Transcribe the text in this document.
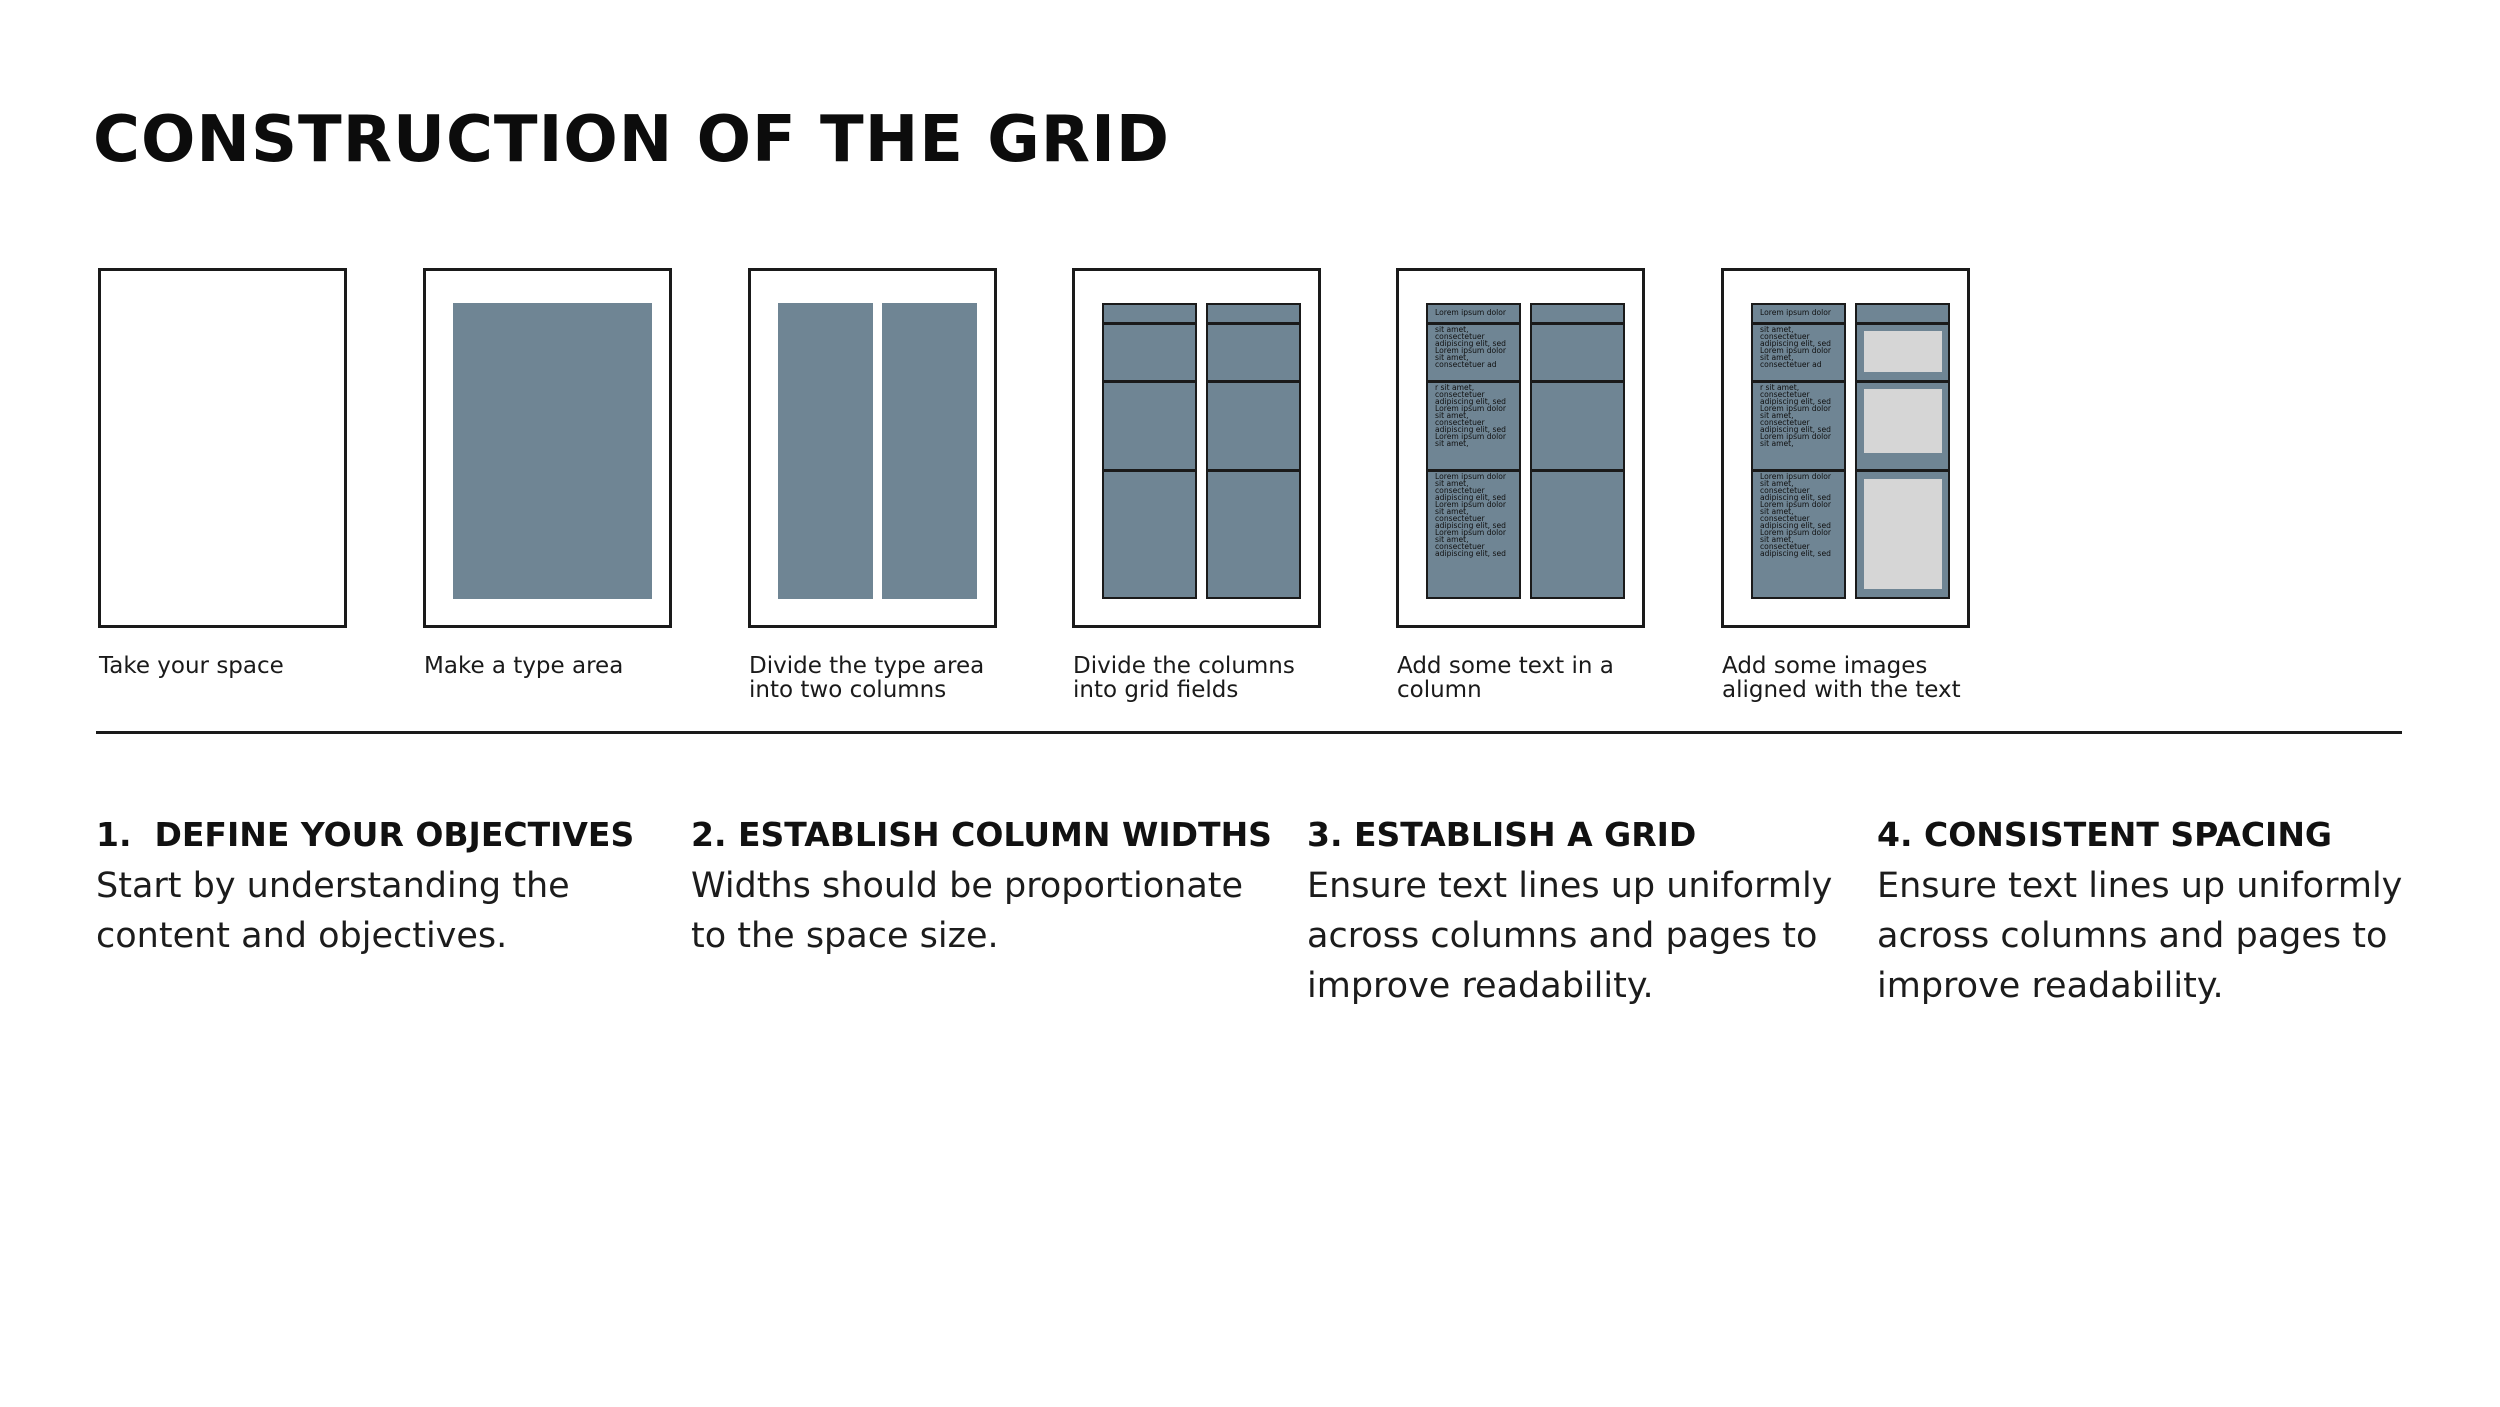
CONSTRUCTION OF THE GRID
Take your space	Make a type area	Divide the type area
into two columns
Divide the columns
into grid fields
Lorem ipsum dolor
sit amet,
consectetuer
adipiscing elit, sed
Lorem ipsum dolor
sit amet,
consectetuer ad
r sit amet,
consectetuer
adipiscing elit, sed
Lorem ipsum dolor
sit amet,
consectetuer
adipiscing elit, sed
Lorem ipsum dolor
sit amet,
Lorem ipsum dolor
sit amet,
consectetuer
adipiscing elit, sed
Lorem ipsum dolor
sit amet,
consectetuer
adipiscing elit, sed
Lorem ipsum dolor
sit amet,
consectetuer
adipiscing elit, sed
Add some text in a
column
Lorem ipsum dolor
sit amet,
consectetuer
adipiscing elit, sed
Lorem ipsum dolor
sit amet,
consectetuer ad
r sit amet,
consectetuer
adipiscing elit, sed
Lorem ipsum dolor
sit amet,
consectetuer
adipiscing elit, sed
Lorem ipsum dolor
sit amet,
Lorem ipsum dolor
sit amet,
consectetuer
adipiscing elit, sed
Lorem ipsum dolor
sit amet,
consectetuer
adipiscing elit, sed
Lorem ipsum dolor
sit amet,
consectetuer
adipiscing elit, sed
Add some images
aligned with the text
1.  DEFINE YOUR OBJECTIVES

Start by understanding the
content and objectives.

2. ESTABLISH COLUMN WIDTHS

Widths should be proportionate
to the space size.

3. ESTABLISH A GRID

Ensure text lines up uniformly
across columns and pages to
improve readability.

4. CONSISTENT SPACING

Ensure text lines up uniformly
across columns and pages to
improve readability.
